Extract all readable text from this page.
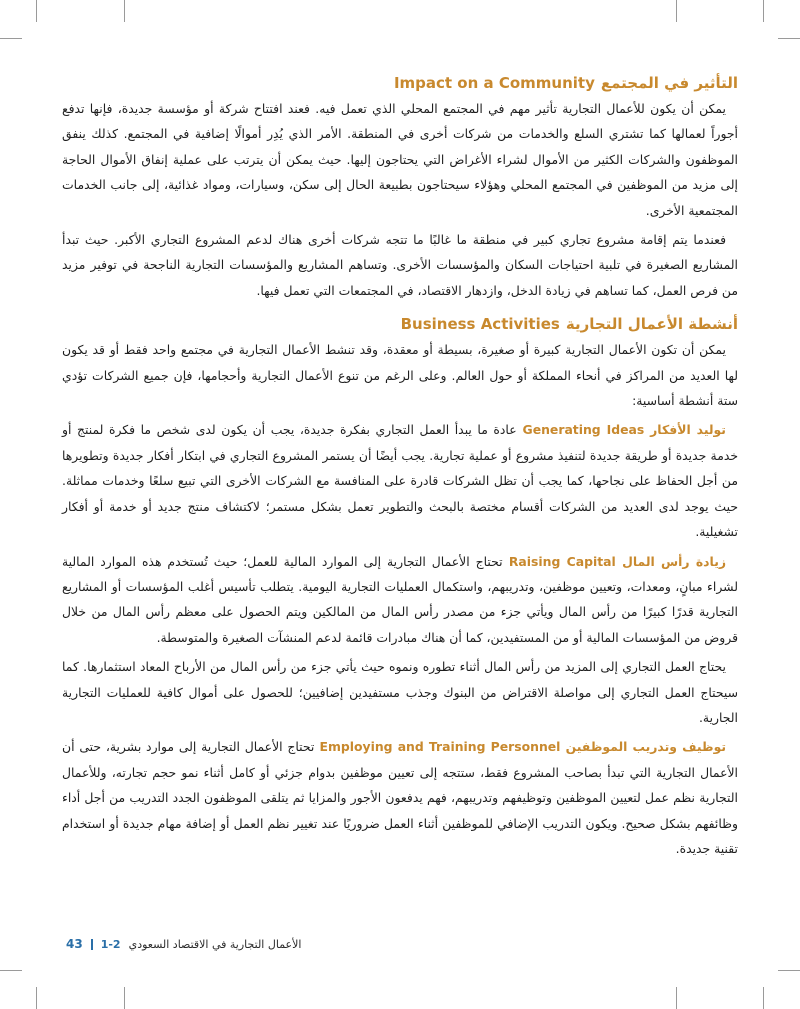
التأثير في المجتمع
Impact on a Community

يمكن أن يكون للأعمال التجارية تأثير مهم في المجتمع المحلي الذي تعمل فيه. فعند افتتاح شركة أو مؤسسة جديدة، فإنها تدفع أجوراً لعمالها كما تشتري السلع والخدمات من شركات أخرى في المنطقة. الأمر الذي يُدِر أموالًا إضافية في المجتمع. كذلك ينفق الموظفون والشركات الكثير من الأموال لشراء الأغراض التي يحتاجون إليها. حيث يمكن أن يترتب على عملية إنفاق الأموال الحاجة إلى مزيد من الموظفين في المجتمع المحلي وهؤلاء سيحتاجون بطبيعة الحال إلى سكن، وسيارات، ومواد غذائية، إلى جانب الخدمات المجتمعية الأخرى.

فعندما يتم إقامة مشروع تجاري كبير في منطقة ما غالبًا ما تتجه شركات أخرى هناك لدعم المشروع التجاري الأكبر. حيث تبدأ المشاريع الصغيرة في تلبية احتياجات السكان والمؤسسات الأخرى. وتساهم المشاريع والمؤسسات التجارية الناجحة في توفير مزيد من فرص العمل، كما تساهم في زيادة الدخل، وازدهار الاقتصاد، في المجتمعات التي تعمل فيها.

أنشطة الأعمال التجارية
Business Activities

يمكن أن تكون الأعمال التجارية كبيرة أو صغيرة، بسيطة أو معقدة، وقد تنشط الأعمال التجارية في مجتمع واحد فقط أو قد يكون لها العديد من المراكز في أنحاء المملكة أو حول العالم. وعلى الرغم من تنوع الأعمال التجارية وأحجامها، فإن جميع الشركات تؤدي ستة أنشطة أساسية:

توليد الأفكار Generating Ideas عادة ما يبدأ العمل التجاري بفكرة جديدة، يجب أن يكون لدى شخص ما فكرة لمنتج أو خدمة جديدة أو طريقة جديدة لتنفيذ مشروع أو عملية تجارية. يجب أيضًا أن يستمر المشروع التجاري في ابتكار أفكار جديدة وتطويرها من أجل الحفاظ على نجاحها، كما يجب أن تظل الشركات قادرة على المنافسة مع الشركات الأخرى التي تبيع سلعًا وخدمات مماثلة. حيث يوجد لدى العديد من الشركات أقسام مختصة بالبحث والتطوير تعمل بشكل مستمر؛ لاكتشاف منتج جديد أو خدمة أو أفكار تشغيلية.

زيادة رأس المال Raising Capital تحتاج الأعمال التجارية إلى الموارد المالية للعمل؛ حيث تُستخدم هذه الموارد المالية لشراء مبانٍ، ومعدات، وتعيين موظفين، وتدريبهم، واستكمال العمليات التجارية اليومية. يتطلب تأسيس أغلب المؤسسات أو المشاريع التجارية قدرًا كبيرًا من رأس المال ويأتي جزء من مصدر رأس المال من المالكين ويتم الحصول على معظم رأس المال من خلال قروض من المؤسسات المالية أو من المستفيدين، كما أن هناك مبادرات قائمة لدعم المنشآت الصغيرة والمتوسطة.

يحتاج العمل التجاري إلى المزيد من رأس المال أثناء تطوره ونموه حيث يأتي جزء من رأس المال من الأرباح المعاد استثمارها. كما سيحتاج العمل التجاري إلى مواصلة الاقتراض من البنوك وجذب مستفيدين إضافيين؛ للحصول على أموال كافية للعمليات التجارية الجارية.

توظيف وتدريب الموظفين Employing and Training Personnel تحتاج الأعمال التجارية إلى موارد بشرية، حتى أن الأعمال التجارية التي تبدأ بصاحب المشروع فقط، ستتجه إلى تعيين موظفين بدوام جزئي أو كامل أثناء نمو حجم تجارته، وللأعمال التجارية نظم عمل لتعيين الموظفين وتوظيفهم وتدريبهم، فهم يدفعون الأجور والمزايا ثم يتلقى الموظفون الجدد التدريب من أجل أداء وظائفهم بشكل صحيح. ويكون التدريب الإضافي للموظفين أثناء العمل ضروريًا عند تغيير نظم العمل أو إضافة مهام جديدة أو استخدام تقنية جديدة.

الأعمال التجارية في الاقتصاد السعودي
1-2
43
